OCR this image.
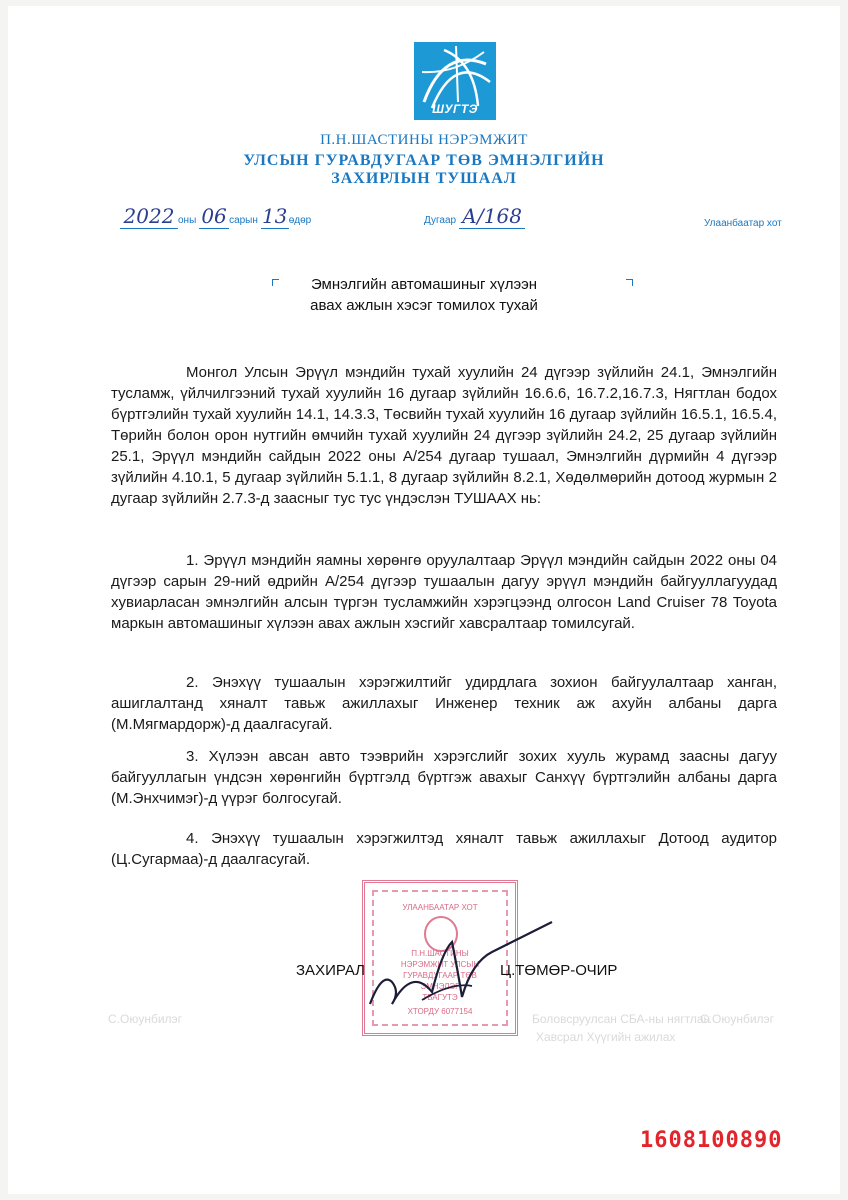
ШУГТЭ
П.Н.ШАСТИНЫ НЭРЭМЖИТ
УЛСЫН ГУРАВДУГААР ТӨВ ЭМНЭЛГИЙН
ЗАХИРЛЫН ТУШААЛ
2022 оны 06 сарын 13өдөр	Дугаар А/168	Улаанбаатар хот
Эмнэлгийн автомашиныг хүлээн
авах ажлын хэсэг томилох тухай

Монгол Улсын Эрүүл мэндийн тухай хуулийн 24 дүгээр зүйлийн 24.1, Эмнэлгийн тусламж, үйлчилгээний тухай хуулийн 16 дугаар зүйлийн 16.6.6, 16.7.2,16.7.3, Нягтлан бодох бүртгэлийн тухай хуулийн 14.1, 14.3.3, Төсвийн тухай хуулийн 16 дугаар зүйлийн 16.5.1, 16.5.4, Төрийн болон орон нутгийн өмчийн тухай хуулийн 24 дүгээр зүйлийн 24.2, 25 дугаар зүйлийн 25.1, Эрүүл мэндийн сайдын 2022 оны А/254 дугаар тушаал, Эмнэлгийн дүрмийн 4 дүгээр зүйлийн 4.10.1, 5 дугаар зүйлийн 5.1.1, 8 дугаар зүйлийн 8.2.1, Хөдөлмөрийн дотоод журмын 2 дугаар зүйлийн 2.7.3-д заасныг тус тус үндэслэн ТУШААХ нь:

1. Эрүүл мэндийн яамны хөрөнгө оруулалтаар Эрүүл мэндийн сайдын 2022 оны 04 дүгээр сарын 29-ний өдрийн А/254 дүгээр тушаалын дагуу эрүүл мэндийн байгууллагуудад хувиарласан эмнэлгийн алсын түргэн тусламжийн хэрэгцээнд олгосон Land Cruiser 78 Toyota маркын автомашиныг хүлээн авах ажлын хэсгийг хавсралтаар томилсугай.

2. Энэхүү тушаалын хэрэгжилтийг удирдлага зохион байгуулалтаар ханган, ашиглалтанд хяналт тавьж ажиллахыг Инженер техник аж ахуйн албаны дарга (М.Мягмардорж)-д даалгасугай.

3. Хүлээн авсан авто тээврийн хэрэгслийг зохих хууль журамд заасны дагуу байгууллагын үндсэн хөрөнгийн бүртгэлд бүртгэж авахыг Санхүү бүртгэлийн албаны дарга (М.Энхчимэг)-д үүрэг болгосугай.

4. Энэхүү тушаалын хэрэгжилтэд хяналт тавьж ажиллахыг Дотоод аудитор (Ц.Сугармаа)-д даалгасугай.

УЛААНБААТАР ХОТ
П.Н.ШАСТИНЫ
НЭРЭМЖИТ УЛСЫН
ГУРАВДУГААР ТӨВ
ЭМНЭЛЭГ
ТБАГУТЭ
ХТОРДУ 6077154
ЗАХИРАЛ	Ц.ТӨМӨР-ОЧИР
Боловсруулсан СБА-ны нягтлан
Хавсрал Хүүгийн ажилах
С.Оюунбилэг	С.Оюунбилэг
1608100890
